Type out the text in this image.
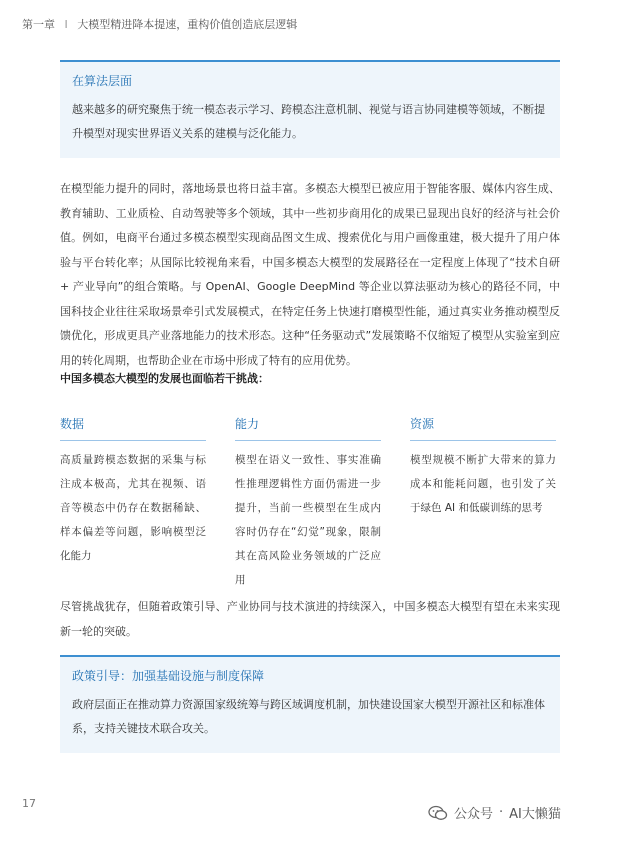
第一章 I 大模型精进降本提速，重构价值创造底层逻辑
在算法层面
越来越多的研究聚焦于统一模态表示学习、跨模态注意机制、视觉与语言协同建模等领域，不断提升模型对现实世界语义关系的建模与泛化能力。
在模型能力提升的同时，落地场景也将日益丰富。多模态大模型已被应用于智能客服、媒体内容生成、教育辅助、工业质检、自动驾驶等多个领域，其中一些初步商用化的成果已显现出良好的经济与社会价值。例如，电商平台通过多模态模型实现商品图文生成、搜索优化与用户画像重建，极大提升了用户体验与平台转化率；从国际比较视角来看，中国多模态大模型的发展路径在一定程度上体现了“技术自研 + 产业导向”的组合策略。与 OpenAI、Google DeepMind 等企业以算法驱动为核心的路径不同，中国科技企业往往采取场景牵引式发展模式，在特定任务上快速打磨模型性能，通过真实业务推动模型反馈优化，形成更具产业落地能力的技术形态。这种“任务驱动式”发展策略不仅缩短了模型从实验室到应用的转化周期，也帮助企业在市场中形成了特有的应用优势。
中国多模态大模型的发展也面临若干挑战：
数据
高质量跨模态数据的采集与标注成本极高，尤其在视频、语音等模态中仍存在数据稀缺、样本偏差等问题，影响模型泛化能力
能力
模型在语义一致性、事实准确性推理逻辑性方面仍需进一步提升，当前一些模型在生成内容时仍存在“幻觉”现象，限制其在高风险业务领域的广泛应用
资源
模型规模不断扩大带来的算力成本和能耗问题，也引发了关于绿色 AI 和低碳训练的思考
尽管挑战犹存，但随着政策引导、产业协同与技术演进的持续深入，中国多模态大模型有望在未来实现新一轮的突破。
政策引导：加强基础设施与制度保障
政府层面正在推动算力资源国家级统筹与跨区域调度机制，加快建设国家大模型开源社区和标准体系，支持关键技术联合攻关。
17
公众号 · AI大懒猫
